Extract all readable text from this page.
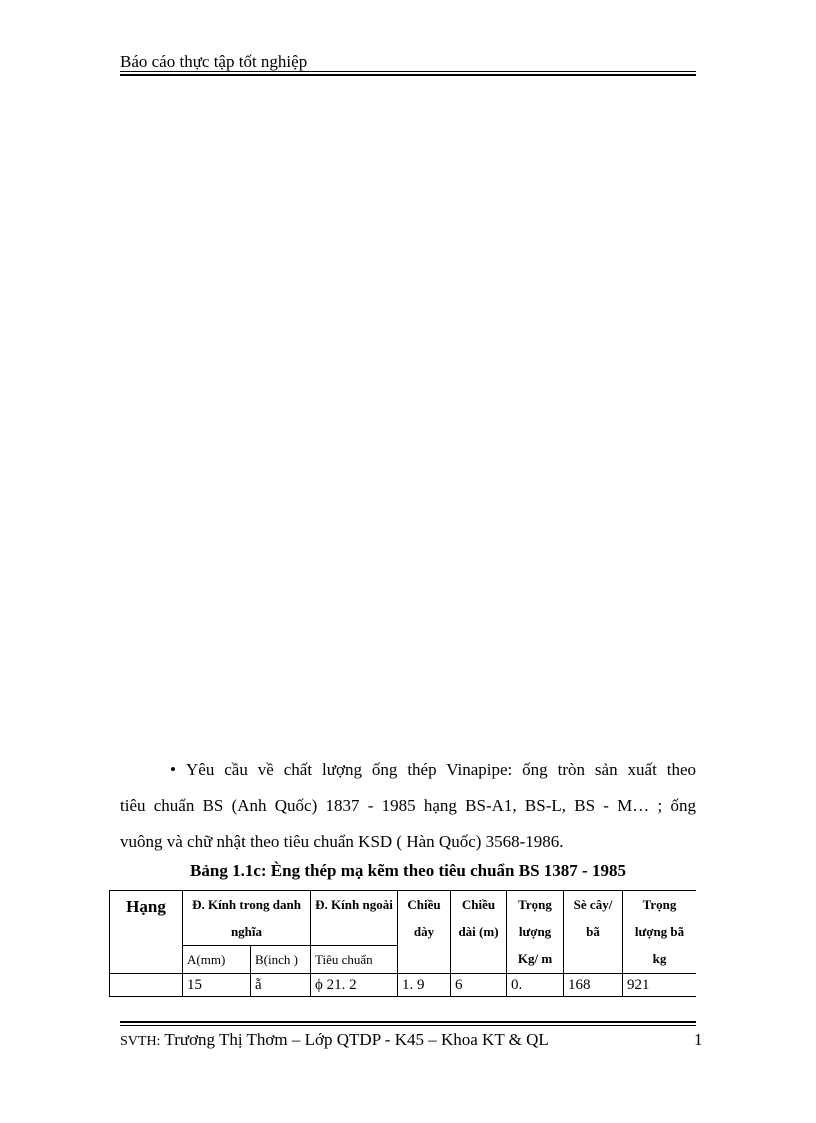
Báo cáo thực tập tốt nghiệp
• Yêu cầu về chất lượng ống thép Vinapipe: ống tròn sản xuất theo
tiêu chuẩn BS (Anh Quốc) 1837 - 1985 hạng BS-A1, BS-L, BS - M… ; ống
vuông và chữ nhật theo tiêu chuẩn KSD ( Hàn Quốc) 3568-1986.
Bảng 1.1c: Èng thép mạ kẽm theo tiêu chuẩn BS 1387 - 1985
Hạng	Đ. Kính trong danh nghĩa		Đ. Kính ngoài	Chiều dày	Chiều dài (m)	Trọng lượng Kg/ m	Sè cây/ bã	Trọng lượng bã kg
	A(mm)	B(inch )	Tiêu chuẩn					
	15	ẵ	ϕ 21. 2	1. 9	6	0.	168	921
SVTH: Trương Thị Thơm – Lớp QTDP - K45 – Khoa KT & QL	1
